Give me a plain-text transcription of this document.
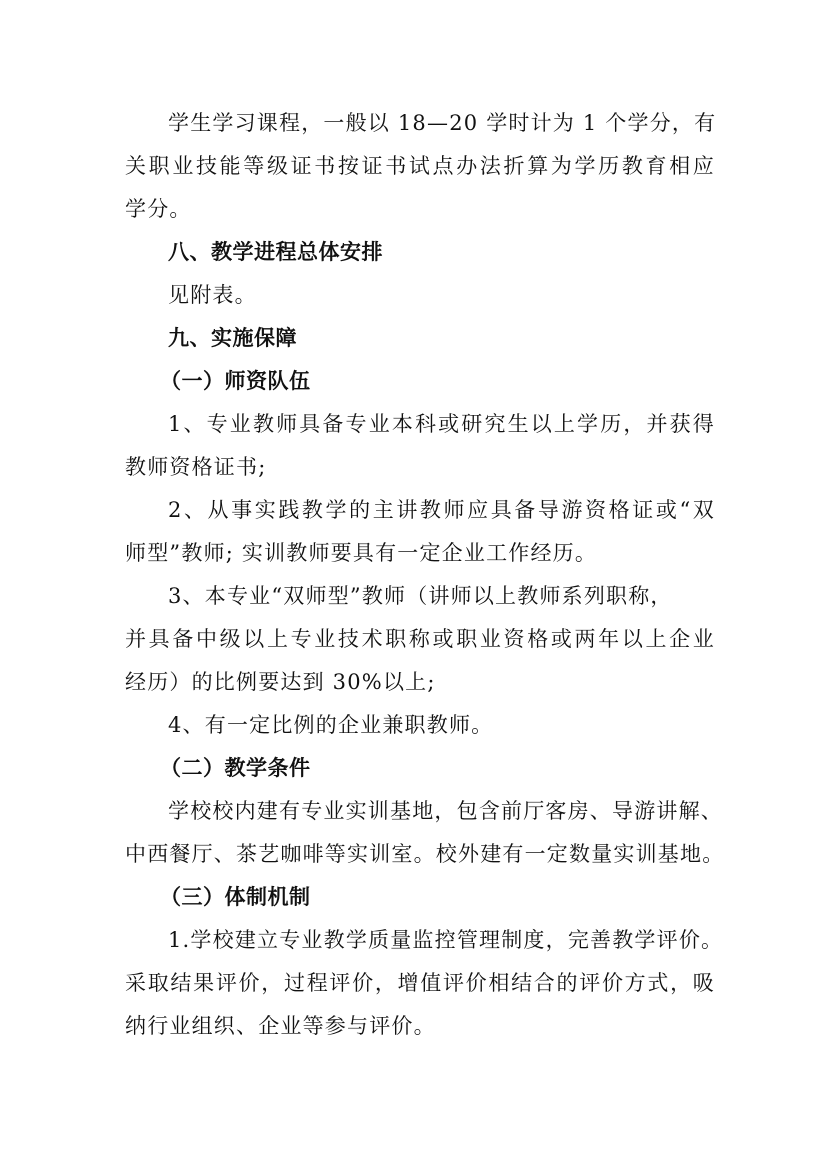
学生学习课程，一般以 18—20 学时计为 1 个学分，有
关职业技能等级证书按证书试点办法折算为学历教育相应
学分。
八、教学进程总体安排
见附表。
九、实施保障
（一）师资队伍
1、专业教师具备专业本科或研究生以上学历，并获得
教师资格证书;
2、从事实践教学的主讲教师应具备导游资格证或“双
师型”教师; 实训教师要具有一定企业工作经历。
3、本专业“双师型”教师（讲师以上教师系列职称，
并具备中级以上专业技术职称或职业资格或两年以上企业
经历）的比例要达到 30%以上;
4、有一定比例的企业兼职教师。
（二）教学条件
学校校内建有专业实训基地，包含前厅客房、导游讲解、
中西餐厅、茶艺咖啡等实训室。校外建有一定数量实训基地。
（三）体制机制
1.学校建立专业教学质量监控管理制度，完善教学评价。
采取结果评价，过程评价，增值评价相结合的评价方式，吸
纳行业组织、企业等参与评价。
